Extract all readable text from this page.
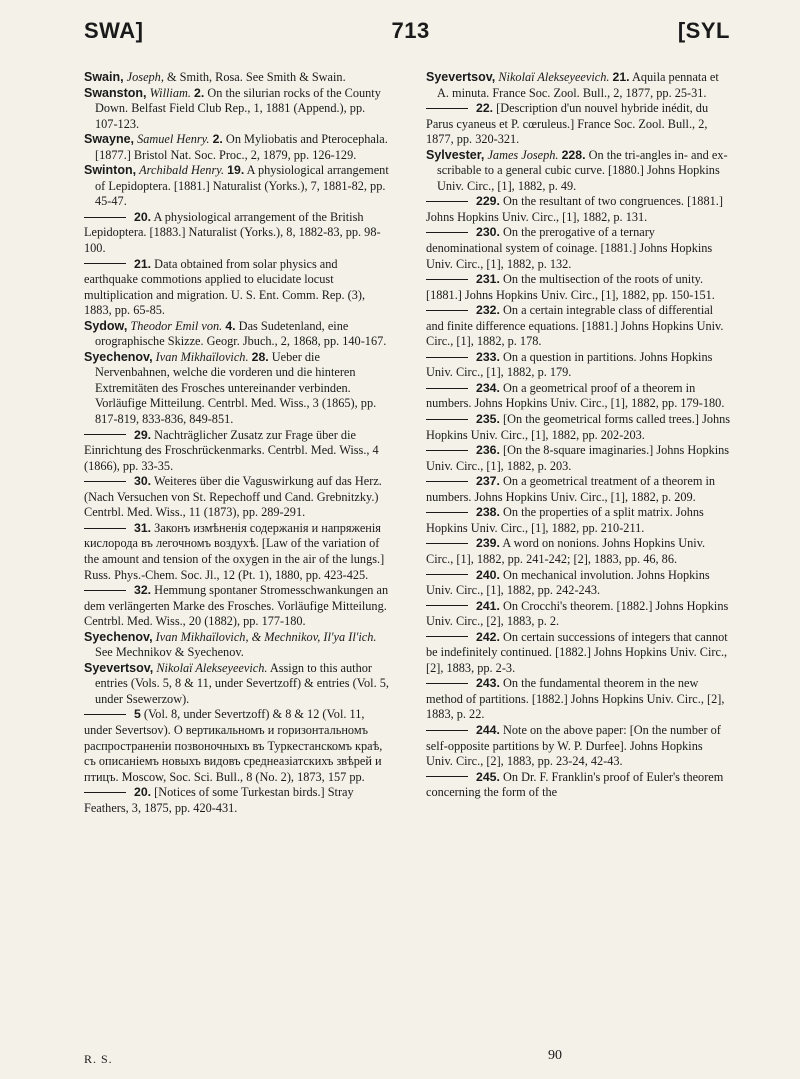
SWA]	713	[SYL

Swain, Joseph, & Smith, Rosa. See Smith & Swain.

Swanston, William. 2. On the silurian rocks of the County Down. Belfast Field Club Rep., 1, 1881 (Append.), pp. 107-123.

Swayne, Samuel Henry. 2. On Myliobatis and Pterocephala. [1877.] Bristol Nat. Soc. Proc., 2, 1879, pp. 126-129.

Swinton, Archibald Henry. 19. A physiological arrangement of Lepidoptera. [1881.] Naturalist (Yorks.), 7, 1881-82, pp. 45-47.

20. A physiological arrangement of the British Lepidoptera. [1883.] Naturalist (Yorks.), 8, 1882-83, pp. 98-100.

21. Data obtained from solar physics and earthquake commotions applied to elucidate locust multiplication and migration. U. S. Ent. Comm. Rep. (3), 1883, pp. 65-85.

Sydow, Theodor Emil von. 4. Das Sudetenland, eine orographische Skizze. Geogr. Jbuch., 2, 1868, pp. 140-167.

Syechenov, Ivan Mikhaïlovich. 28. Ueber die Nervenbahnen, welche die vorderen und die hinteren Extremitäten des Frosches untereinander verbinden. Vorläufige Mitteilung. Centrbl. Med. Wiss., 3 (1865), pp. 817-819, 833-836, 849-851.

29. Nachträglicher Zusatz zur Frage über die Einrichtung des Froschrückenmarks. Centrbl. Med. Wiss., 4 (1866), pp. 33-35.

30. Weiteres über die Vaguswirkung auf das Herz. (Nach Versuchen von St. Repechoff und Cand. Grebnitzky.) Centrbl. Med. Wiss., 11 (1873), pp. 289-291.

31. Законъ измѣненія содержанія и напряженія кислорода въ легочномъ воздухѣ. [Law of the variation of the amount and tension of the oxygen in the air of the lungs.] Russ. Phys.-Chem. Soc. Jl., 12 (Pt. 1), 1880, pp. 423-425.

32. Hemmung spontaner Stromesschwankungen an dem verlängerten Marke des Frosches. Vorläufige Mitteilung. Centrbl. Med. Wiss., 20 (1882), pp. 177-180.

Syechenov, Ivan Mikhaïlovich, & Mechnikov, Il'ya Il'ich. See Mechnikov & Syechenov.

Syevertsov, Nikolaï Alekseyeevich. Assign to this author entries (Vols. 5, 8 & 11, under Severtzoff) & entries (Vol. 5, under Ssewerzow).

5 (Vol. 8, under Severtzoff) & 8 & 12 (Vol. 11, under Severtsov). О вертикальномъ и горизонтальномъ распространеніи позвоночныхъ въ Туркестанскомъ краѣ, съ описаніемъ новыхъ видовъ среднеазіатскихъ звѣрей и птицъ. Moscow, Soc. Sci. Bull., 8 (No. 2), 1873, 157 pp.

20. [Notices of some Turkestan birds.] Stray Feathers, 3, 1875, pp. 420-431.

Syevertsov, Nikolaï Alekseyeevich. 21. Aquila pennata et A. minuta. France Soc. Zool. Bull., 2, 1877, pp. 25-31.

22. [Description d'un nouvel hybride inédit, du Parus cyaneus et P. cœruleus.] France Soc. Zool. Bull., 2, 1877, pp. 320-321.

Sylvester, James Joseph. 228. On the tri-angles in- and ex-scribable to a general cubic curve. [1880.] Johns Hopkins Univ. Circ., [1], 1882, p. 49.

229. On the resultant of two congruences. [1881.] Johns Hopkins Univ. Circ., [1], 1882, p. 131.

230. On the prerogative of a ternary denominational system of coinage. [1881.] Johns Hopkins Univ. Circ., [1], 1882, p. 132.

231. On the multisection of the roots of unity. [1881.] Johns Hopkins Univ. Circ., [1], 1882, pp. 150-151.

232. On a certain integrable class of differential and finite difference equations. [1881.] Johns Hopkins Univ. Circ., [1], 1882, p. 178.

233. On a question in partitions. Johns Hopkins Univ. Circ., [1], 1882, p. 179.

234. On a geometrical proof of a theorem in numbers. Johns Hopkins Univ. Circ., [1], 1882, pp. 179-180.

235. [On the geometrical forms called trees.] Johns Hopkins Univ. Circ., [1], 1882, pp. 202-203.

236. [On the 8-square imaginaries.] Johns Hopkins Univ. Circ., [1], 1882, p. 203.

237. On a geometrical treatment of a theorem in numbers. Johns Hopkins Univ. Circ., [1], 1882, p. 209.

238. On the properties of a split matrix. Johns Hopkins Univ. Circ., [1], 1882, pp. 210-211.

239. A word on nonions. Johns Hopkins Univ. Circ., [1], 1882, pp. 241-242; [2], 1883, pp. 46, 86.

240. On mechanical involution. Johns Hopkins Univ. Circ., [1], 1882, pp. 242-243.

241. On Crocchi's theorem. [1882.] Johns Hopkins Univ. Circ., [2], 1883, p. 2.

242. On certain successions of integers that cannot be indefinitely continued. [1882.] Johns Hopkins Univ. Circ., [2], 1883, pp. 2-3.

243. On the fundamental theorem in the new method of partitions. [1882.] Johns Hopkins Univ. Circ., [2], 1883, p. 22.

244. Note on the above paper: [On the number of self-opposite partitions by W. P. Durfee]. Johns Hopkins Univ. Circ., [2], 1883, pp. 23-24, 42-43.

245. On Dr. F. Franklin's proof of Euler's theorem concerning the form of the

R. S.	90
